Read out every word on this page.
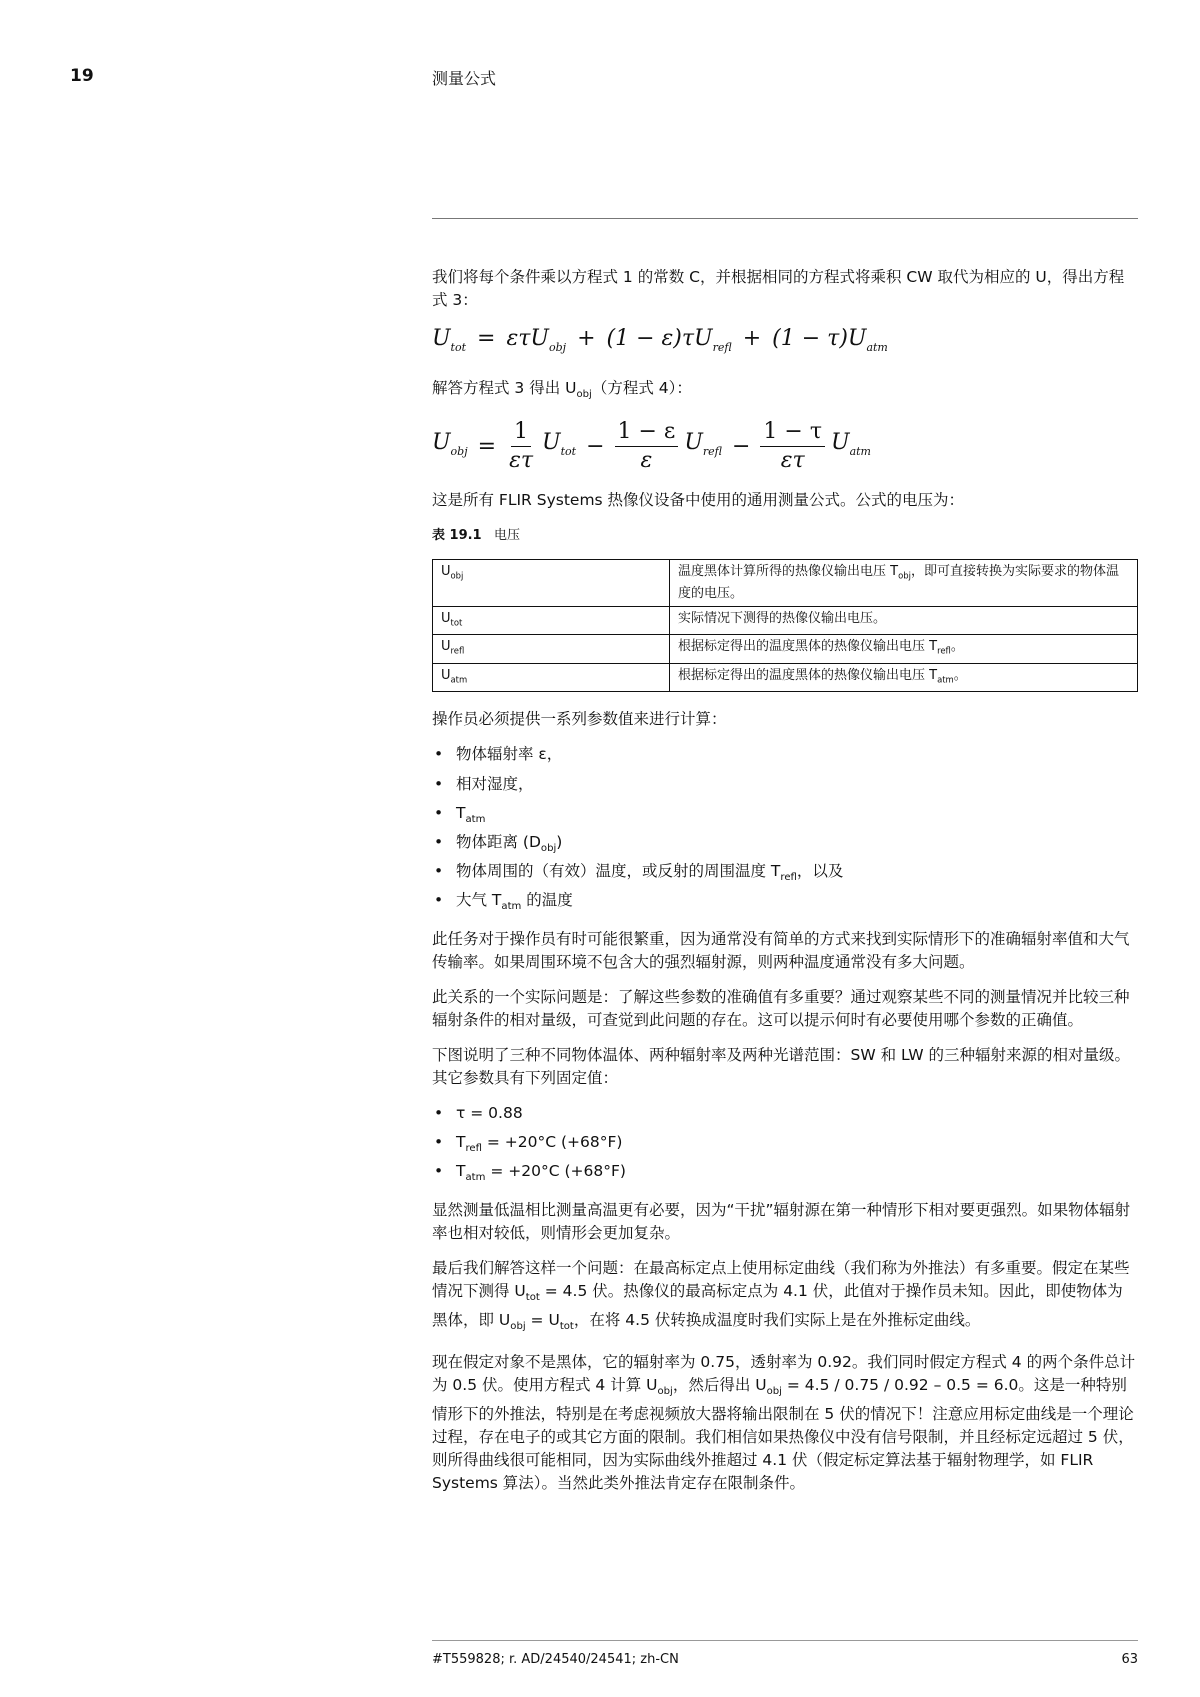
19	测量公式

我们将每个条件乘以方程式 1 的常数 C，并根据相同的方程式将乘积 CW 取代为相应的 U，得出方程式 3：

$U_{tot} = \varepsilon\tau U_{obj} + (1 - \varepsilon)\tau U_{refl} + (1 - \tau)U_{atm}$

解答方程式 3 得出 $U_{obj}$（方程式 4）：

$U_{obj} = \frac{1}{\varepsilon\tau} U_{tot} - \frac{1 - \varepsilon}{\varepsilon} U_{refl} - \frac{1 - \tau}{\varepsilon\tau} U_{atm}$

这是所有 FLIR Systems 热像仪设备中使用的通用测量公式。公式的电压为：

表 19.1 电压
$U_{obj}$	温度黑体计算所得的热像仪输出电压 $T_{obj}$，即可直接转换为实际要求的物体温度的电压。
$U_{tot}$	实际情况下测得的热像仪输出电压。
$U_{refl}$	根据标定得出的温度黑体的热像仪输出电压 $T_{refl}$。
$U_{atm}$	根据标定得出的温度黑体的热像仪输出电压 $T_{atm}$。

操作员必须提供一系列参数值来进行计算：

• 物体辐射率 ε，
• 相对湿度，
• $T_{atm}$
• 物体距离 $(D_{obj})$
• 物体周围的（有效）温度，或反射的周围温度 $T_{refl}$，以及
• 大气 $T_{atm}$ 的温度

此任务对于操作员有时可能很繁重，因为通常没有简单的方式来找到实际情形下的准确辐射率值和大气传输率。如果周围环境不包含大的强烈辐射源，则两种温度通常没有多大问题。

此关系的一个实际问题是：了解这些参数的准确值有多重要？通过观察某些不同的测量情况并比较三种辐射条件的相对量级，可查觉到此问题的存在。这可以提示何时有必要使用哪个参数的正确值。

下图说明了三种不同物体温体、两种辐射率及两种光谱范围：SW 和 LW 的三种辐射来源的相对量级。其它参数具有下列固定值：

• τ = 0.88
• $T_{refl} = +20^\circ C$ (+68°F)
• $T_{atm} = +20^\circ C$ (+68°F)

显然测量低温相比测量高温更有必要，因为“干扰”辐射源在第一种情形下相对要更强烈。如果物体辐射率也相对较低，则情形会更加复杂。

最后我们解答这样一个问题：在最高标定点上使用标定曲线（我们称为外推法）有多重要。假定在某些情况下测得 $U_{tot} = 4.5$ 伏。热像仪的最高标定点为 4.1 伏，此值对于操作员未知。因此，即使物体为黑体，即 $U_{obj} = U_{tot}$，在将 4.5 伏转换成温度时我们实际上是在外推标定曲线。

现在假定对象不是黑体，它的辐射率为 0.75，透射率为 0.92。我们同时假定方程式 4 的两个条件总计为 0.5 伏。使用方程式 4 计算 $U_{obj}$，然后得出 $U_{obj} = 4.5 / 0.75 / 0.92 - 0.5 = 6.0$。这是一种特别情形下的外推法，特别是在考虑视频放大器将输出限制在 5 伏的情况下！注意应用标定曲线是一个理论过程，存在电子的或其它方面的限制。我们相信如果热像仪中没有信号限制，并且经标定远超过 5 伏，则所得曲线很可能相同，因为实际曲线外推超过 4.1 伏（假定标定算法基于辐射物理学，如 FLIR Systems 算法）。当然此类外推法肯定存在限制条件。

#T559828; r. AD/24540/24541; zh-CN	63
